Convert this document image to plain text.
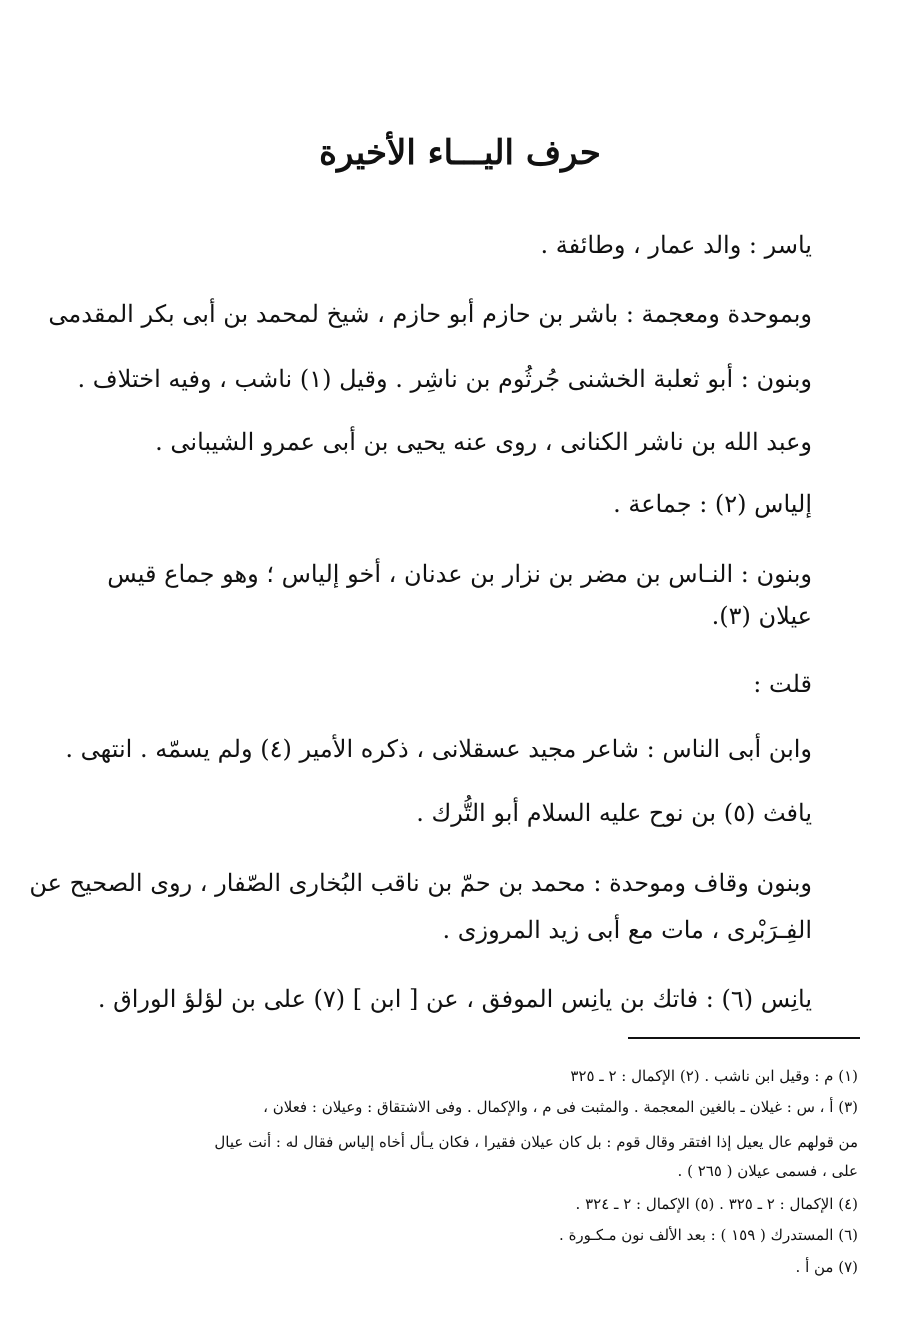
حرف اليـــاء الأخيرة
ياسر : والد عمار ، وطائفة .
وبموحدة ومعجمة : باشر بن حازم أبو حازم ، شيخ لمحمد بن أبى بكر المقدمى
وبنون : أبو ثعلبة الخشنى جُرثُوم بن ناشِر . وقيل (١) ناشب ، وفيه اختلاف .
وعبد الله بن ناشر الكنانى ، روى عنه يحيى بن أبى عمرو الشيبانى .
إلياس (٢) : جماعة .
وبنون : النـاس بن مضر بن نزار بن عدنان ، أخو إلياس ؛ وهو جماع قيس
عيلان (٣).
قلت :
وابن أبى الناس : شاعر مجيد عسقلانى ، ذكره الأمير (٤) ولم يسمّه . انتهى .
يافث (٥) بن نوح عليه السلام أبو التُّرك .
وبنون وقاف وموحدة : محمد بن حمّ بن ناقب البُخارى الصّفار ، روى الصحيح عن
الفِـرَبْرى ، مات مع أبى زيد المروزى .
يانِس (٦) : فاتك بن يانِس الموفق ، عن [ ابن ] (٧) على بن لؤلؤ الوراق .
(١) م : وقيل ابن ناشب . (٢) الإكمال : ٢ ـ ٣٢٥
(٣) أ ، س : غيلان ـ بالغين المعجمة . والمثبت فى م ، والإكمال . وفى الاشتقاق : وعيلان : فعلان ،
من قولهم عال يعيل إذا افتقر وقال قوم : بل كان عيلان فقيرا ، فكان يـأل أخاه إلياس فقال له : أنت عيال
على ، فسمى عيلان ( ٢٦٥ ) .
(٤) الإكمال : ٢ ـ ٣٢٥ . (٥) الإكمال : ٢ ـ ٣٢٤ .
(٦) المستدرك ( ١٥٩ ) : بعد الألف نون مـكـورة .
(٧) من أ .
